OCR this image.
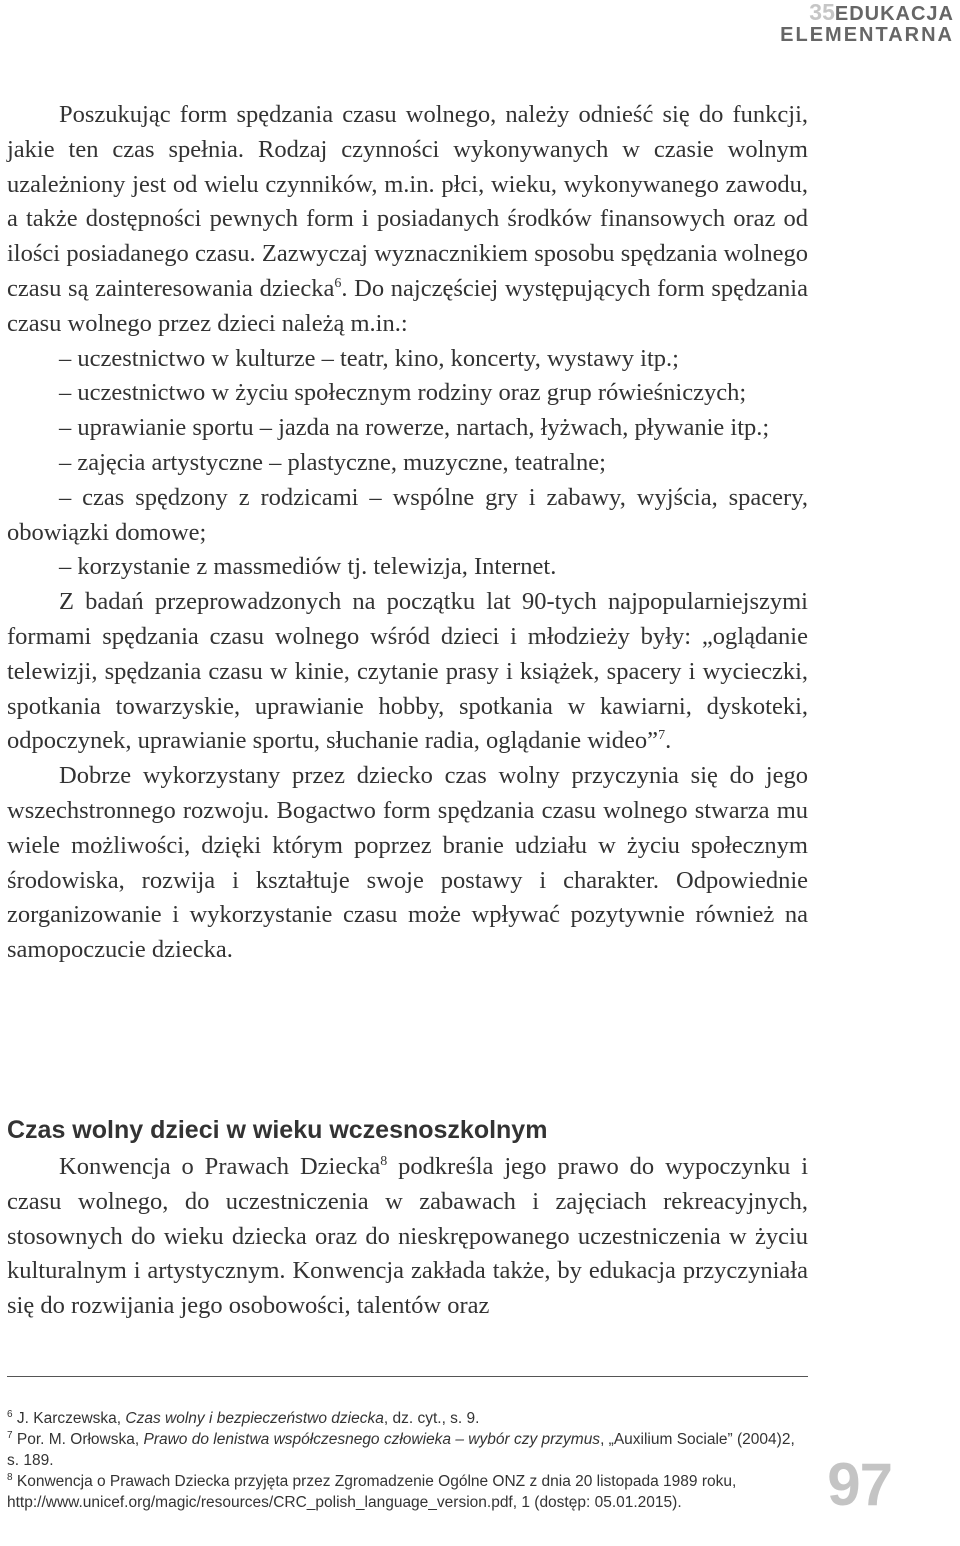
35EDUKACJA
ELEMENTARNA

Poszukując form spędzania czasu wolnego, należy odnieść się do funkcji, jakie ten czas spełnia. Rodzaj czynności wykonywanych w czasie wolnym uzależniony jest od wielu czynników, m.in. płci, wieku, wykonywanego zawodu, a także dostępności pewnych form i posiadanych środków finansowych oraz od ilości posiadanego czasu. Zazwyczaj wyznacznikiem sposobu spędzania wolnego czasu są zainteresowania dziecka$^6$. Do najczęściej występujących form spędzania czasu wolnego przez dzieci należą m.in.:

– uczestnictwo w kulturze – teatr, kino, koncerty, wystawy itp.;

– uczestnictwo w życiu społecznym rodziny oraz grup rówieśniczych;

– uprawianie sportu – jazda na rowerze, nartach, łyżwach, pływanie itp.;

– zajęcia artystyczne – plastyczne, muzyczne, teatralne;

– czas spędzony z rodzicami – wspólne gry i zabawy, wyjścia, spacery, obowiązki domowe;

– korzystanie z massmediów tj. telewizja, Internet.

Z badań przeprowadzonych na początku lat 90-tych najpopularniejszymi formami spędzania czasu wolnego wśród dzieci i młodzieży były: „oglądanie telewizji, spędzania czasu w kinie, czytanie prasy i książek, spacery i wycieczki, spotkania towarzyskie, uprawianie hobby, spotkania w kawiarni, dyskoteki, odpoczynek, uprawianie sportu, słuchanie radia, oglądanie wideo”$^7$.

Dobrze wykorzystany przez dziecko czas wolny przyczynia się do jego wszechstronnego rozwoju. Bogactwo form spędzania czasu wolnego stwarza mu wiele możliwości, dzięki którym poprzez branie udziału w życiu społecznym środowiska, rozwija i kształtuje swoje postawy i charakter. Odpowiednie zorganizowanie i wykorzystanie czasu może wpływać pozytywnie również na samopoczucie dziecka.

Czas wolny dzieci w wieku wczesnoszkolnym

Konwencja o Prawach Dziecka$^8$ podkreśla jego prawo do wypoczynku i czasu wolnego, do uczestniczenia w zabawach i zajęciach rekreacyjnych, stosownych do wieku dziecka oraz do nieskrępowanego uczestniczenia w życiu kulturalnym i artystycznym. Konwencja zakłada także, by edukacja przyczyniała się do rozwijania jego osobowości, talentów oraz

$^6$ J. Karczewska, Czas wolny i bezpieczeństwo dziecka, dz. cyt., s. 9.

$^7$ Por. M. Orłowska, Prawo do lenistwa współczesnego człowieka – wybór czy przymus, „Auxilium Sociale” (2004)2, s. 189.

$^8$ Konwencja o Prawach Dziecka przyjęta przez Zgromadzenie Ogólne ONZ z dnia 20 listopada 1989 roku, http://www.unicef.org/magic/resources/CRC_polish_language_version.pdf, 1 (dostęp: 05.01.2015).	97
